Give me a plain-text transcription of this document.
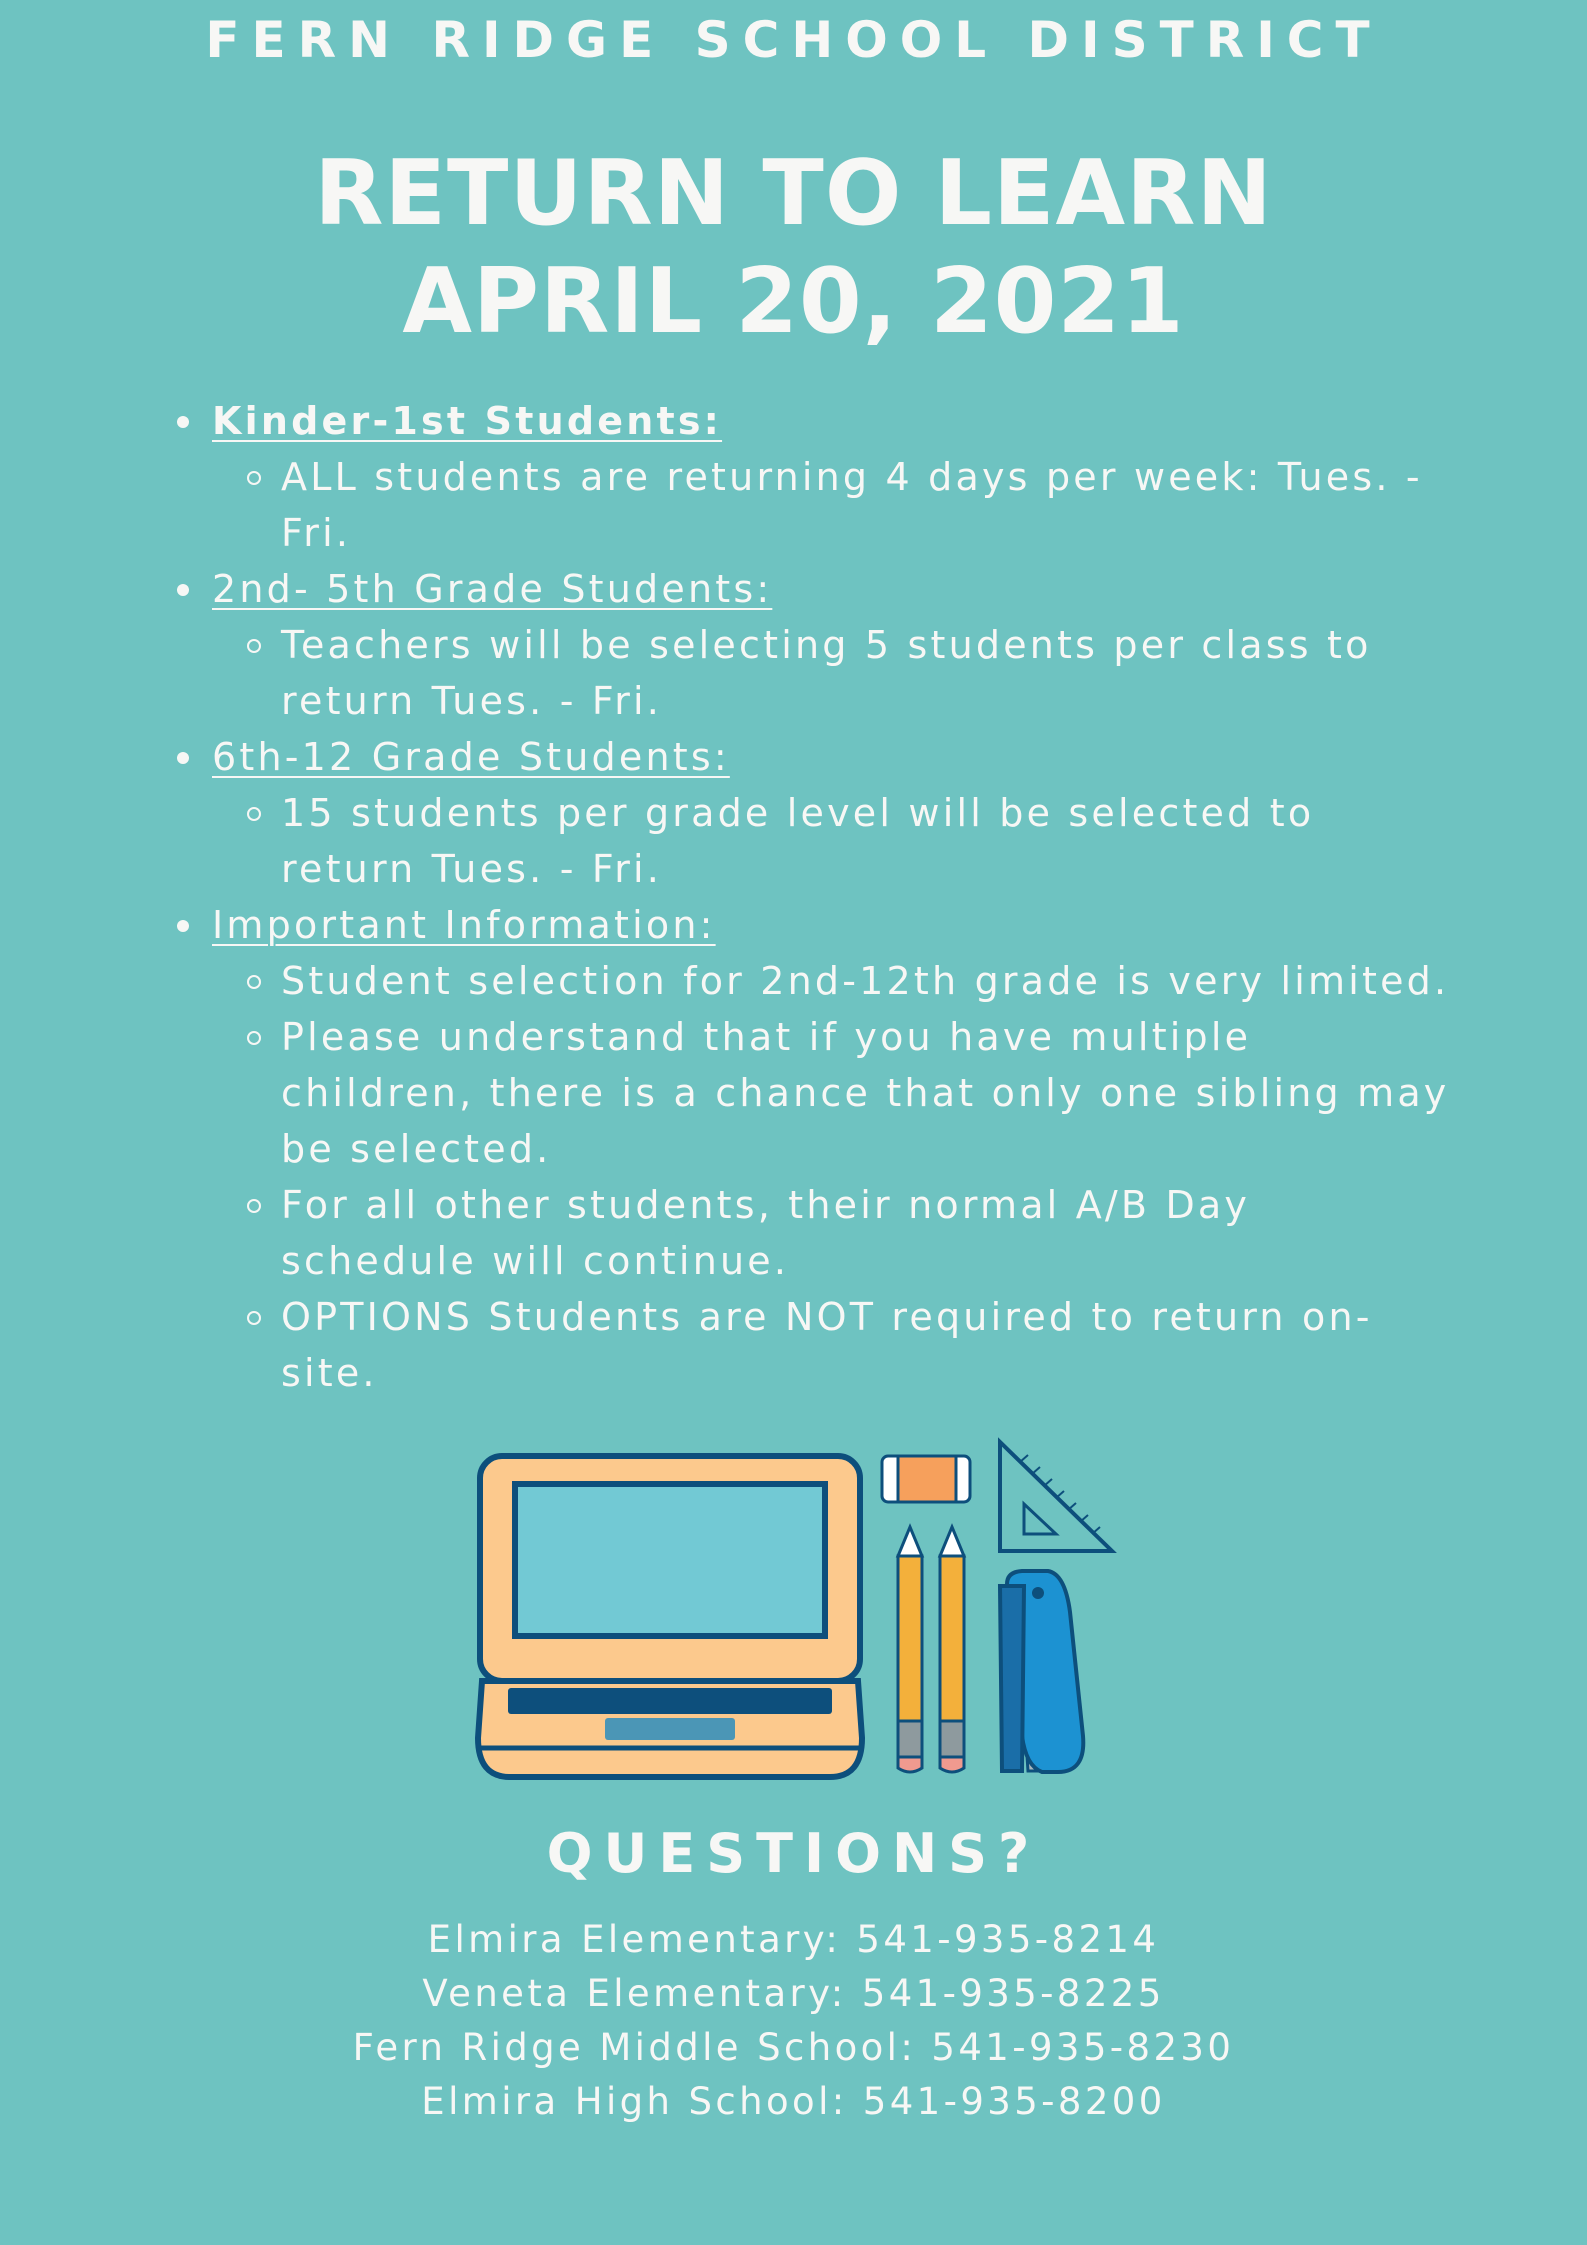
FERN RIDGE SCHOOL DISTRICT
RETURN TO LEARN
APRIL 20, 2021
Kinder-1st Students:
ALL students are returning 4 days per week: Tues. - Fri.
2nd- 5th Grade Students:
Teachers will be selecting 5 students per class to return Tues. - Fri.
6th-12 Grade Students:
15 students per grade level will be selected to return Tues. - Fri.
Important Information:
Student selection for 2nd-12th grade is very limited.
Please understand that if you have multiple children, there is a chance that only one sibling may be selected.
For all other students, their normal A/B Day schedule will continue.
OPTIONS Students are NOT required to return on-site.
QUESTIONS?
Elmira Elementary: 541-935-8214
Veneta Elementary: 541-935-8225
Fern Ridge Middle School: 541-935-8230
Elmira High School: 541-935-8200
